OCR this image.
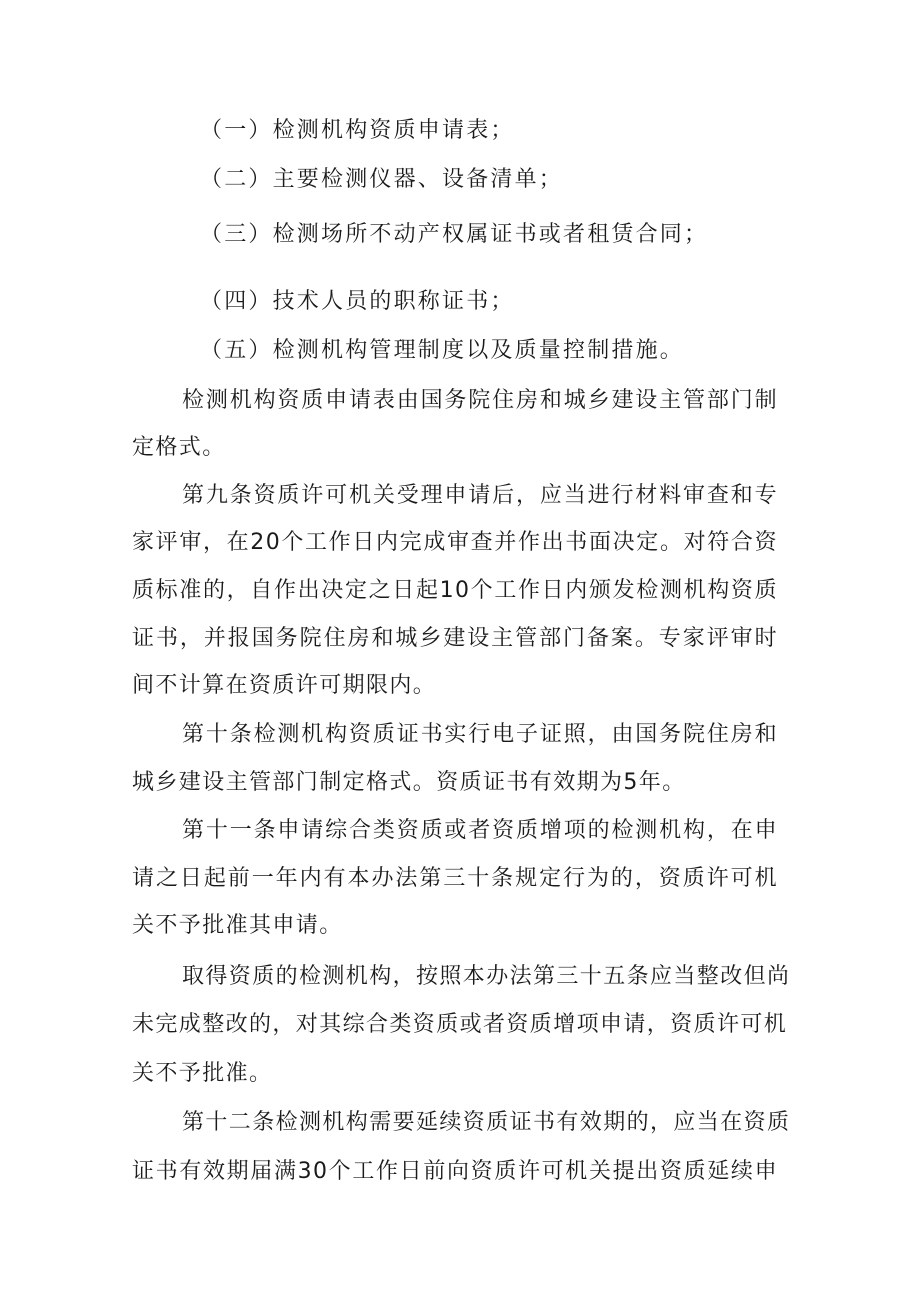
（一）检测机构资质申请表；
（二）主要检测仪器、设备清单；
（三）检测场所不动产权属证书或者租赁合同；
（四）技术人员的职称证书；
（五）检测机构管理制度以及质量控制措施。
检测机构资质申请表由国务院住房和城乡建设主管部门制
定格式。
第九条资质许可机关受理申请后，应当进行材料审查和专
家评审，在20个工作日内完成审查并作出书面决定。对符合资
质标准的，自作出决定之日起10个工作日内颁发检测机构资质
证书，并报国务院住房和城乡建设主管部门备案。专家评审时
间不计算在资质许可期限内。
第十条检测机构资质证书实行电子证照，由国务院住房和
城乡建设主管部门制定格式。资质证书有效期为5年。
第十一条申请综合类资质或者资质增项的检测机构，在申
请之日起前一年内有本办法第三十条规定行为的，资质许可机
关不予批准其申请。
取得资质的检测机构，按照本办法第三十五条应当整改但尚
未完成整改的，对其综合类资质或者资质增项申请，资质许可机
关不予批准。
第十二条检测机构需要延续资质证书有效期的，应当在资质
证书有效期届满30个工作日前向资质许可机关提出资质延续申
